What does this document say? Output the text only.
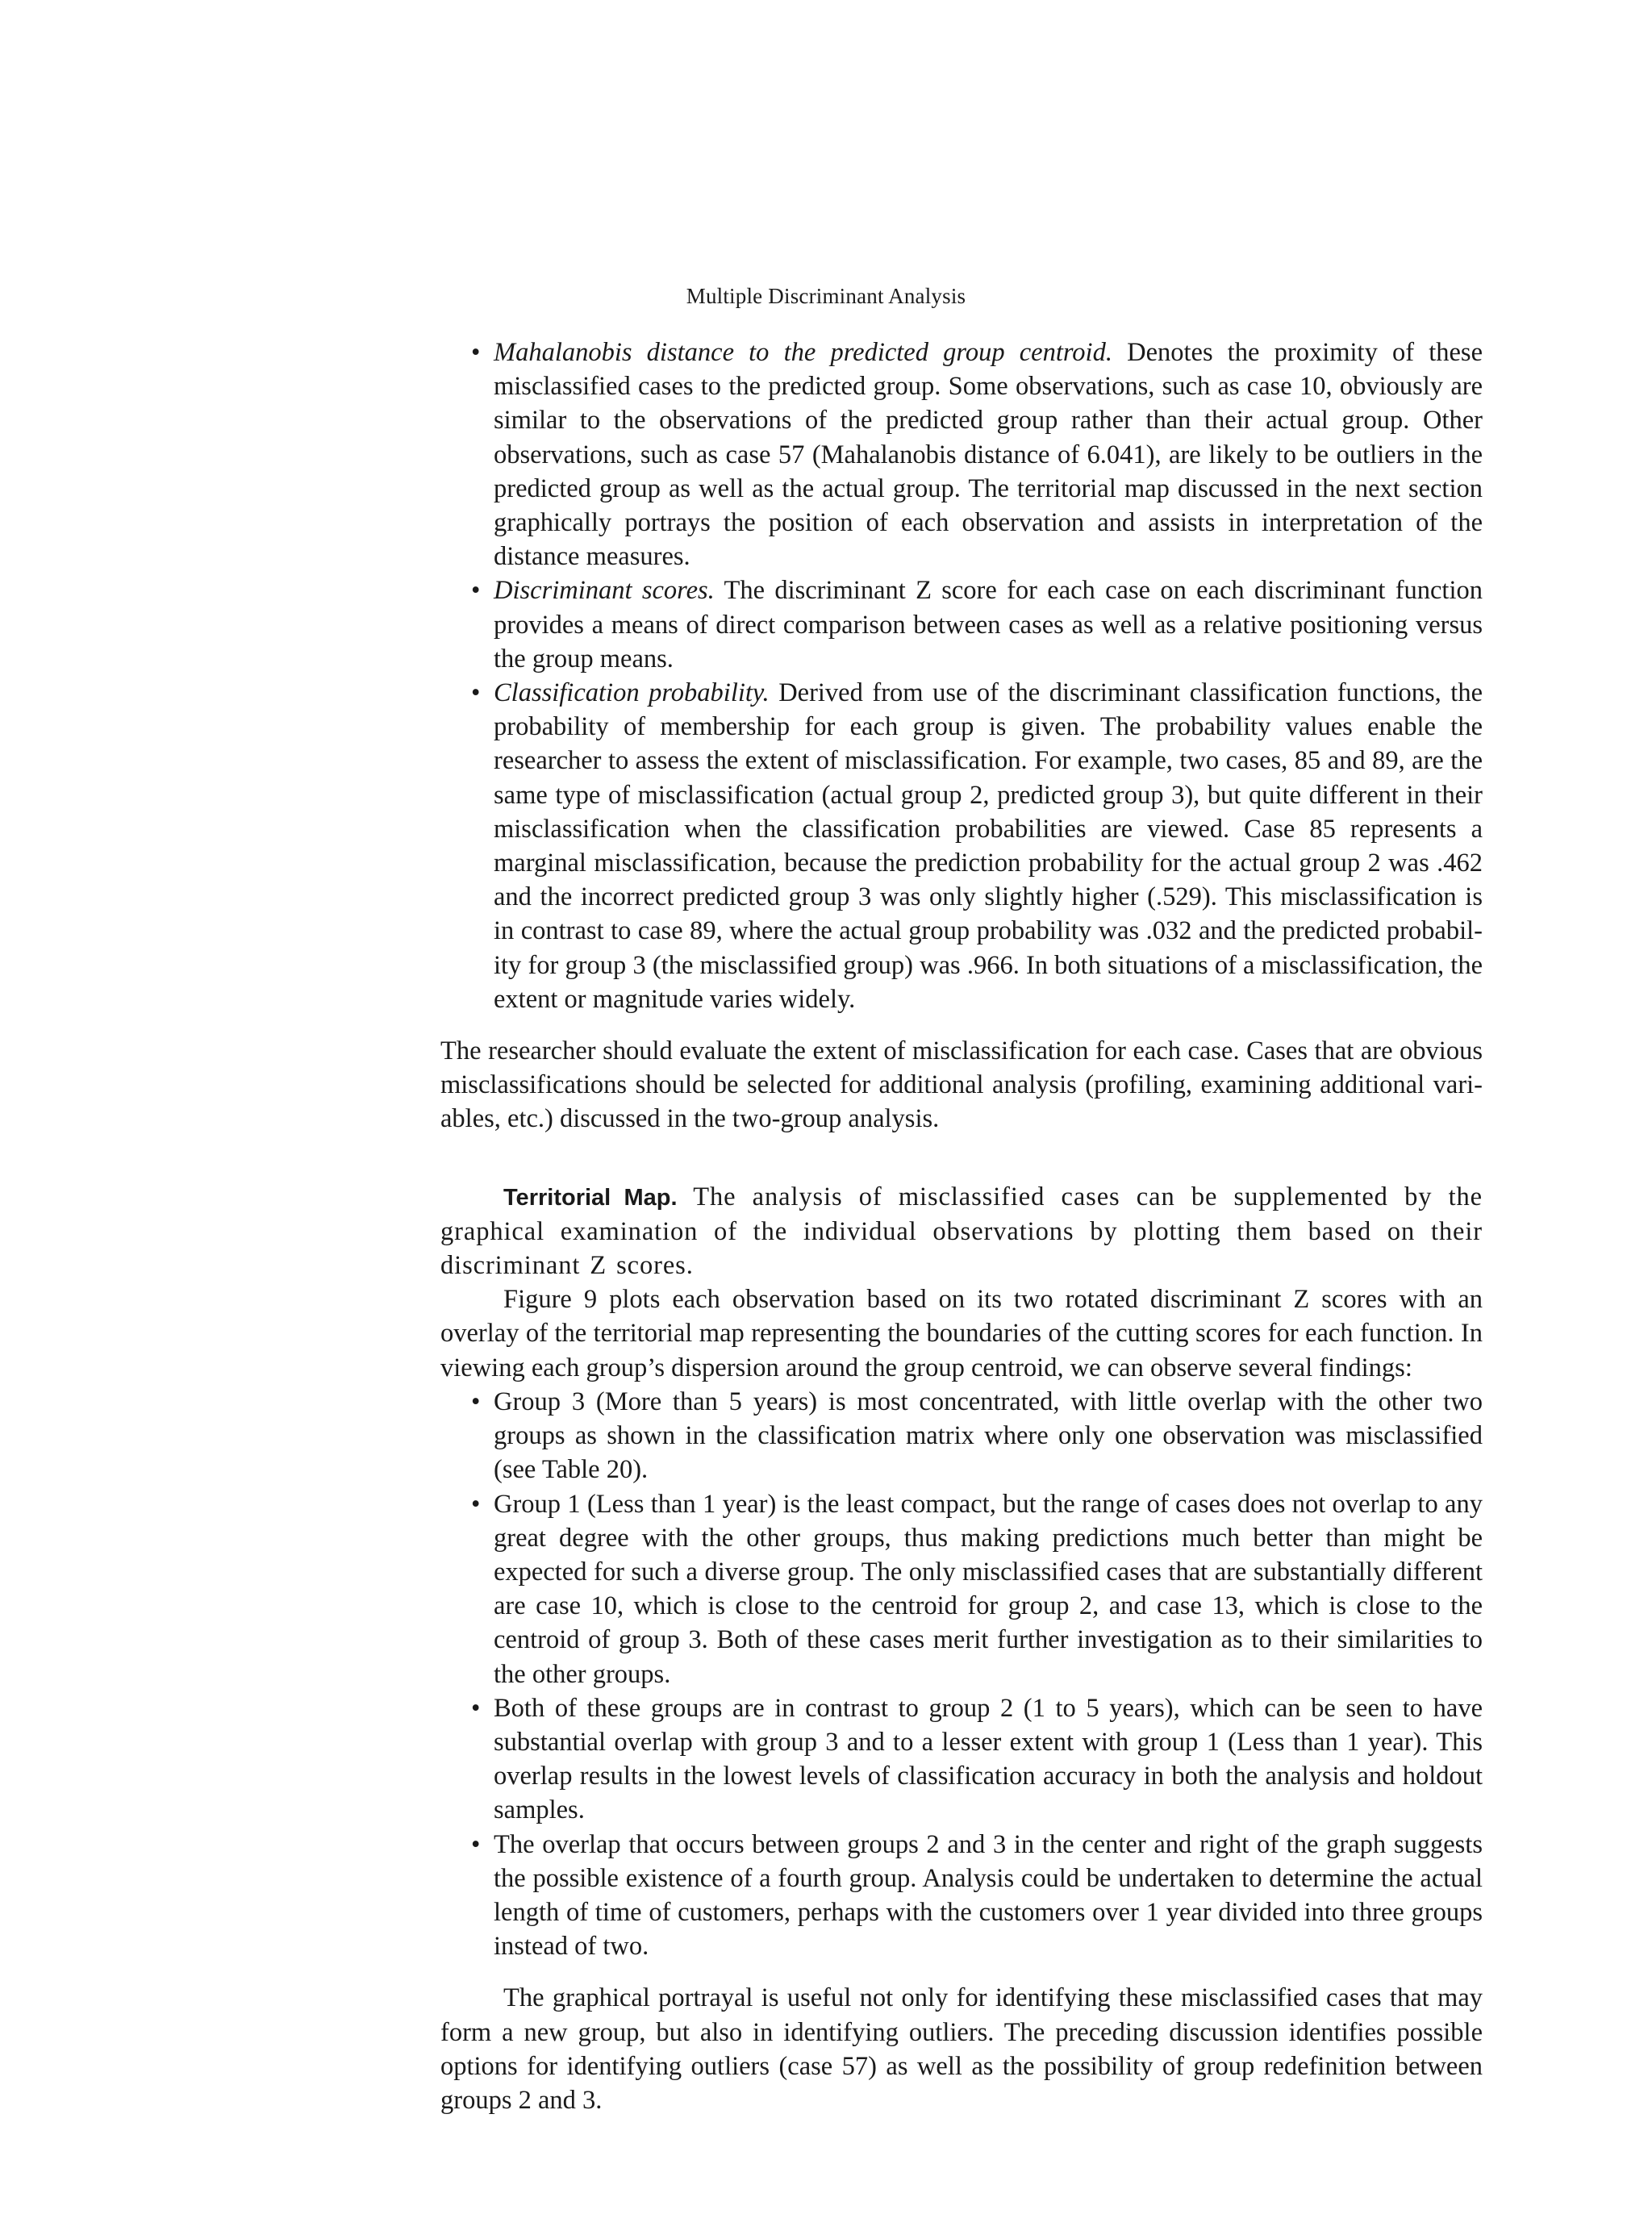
Multiple Discriminant Analysis
• Mahalanobis distance to the predicted group centroid. Denotes the proximity of these misclassified cases to the predicted group. Some observations, such as case 10, obviously are similar to the observations of the predicted group rather than their actual group. Other observations, such as case 57 (Mahalanobis distance of 6.041), are likely to be outliers in the predicted group as well as the actual group. The territorial map discussed in the next section graphically portrays the position of each observation and assists in interpretation of the distance measures.
• Discriminant scores. The discriminant Z score for each case on each discriminant function provides a means of direct comparison between cases as well as a relative positioning versus the group means.
• Classification probability. Derived from use of the discriminant classification functions, the probability of membership for each group is given. The probability values enable the researcher to assess the extent of misclassification. For example, two cases, 85 and 89, are the same type of misclassification (actual group 2, predicted group 3), but quite different in their misclassification when the classification probabilities are viewed. Case 85 represents a marginal misclassification, because the prediction probability for the actual group 2 was .462 and the incorrect predicted group 3 was only slightly higher (.529). This misclassification is in contrast to case 89, where the actual group probability was .032 and the predicted probability for group 3 (the misclassified group) was .966. In both situations of a misclassification, the extent or magnitude varies widely.

The researcher should evaluate the extent of misclassification for each case. Cases that are obvious misclassifications should be selected for additional analysis (profiling, examining additional variables, etc.) discussed in the two-group analysis.

Territorial Map. The analysis of misclassified cases can be supplemented by the graphical examination of the individual observations by plotting them based on their discriminant Z scores.

Figure 9 plots each observation based on its two rotated discriminant Z scores with an overlay of the territorial map representing the boundaries of the cutting scores for each function. In viewing each group’s dispersion around the group centroid, we can observe several findings:

• Group 3 (More than 5 years) is most concentrated, with little overlap with the other two groups as shown in the classification matrix where only one observation was misclassified (see Table 20).
• Group 1 (Less than 1 year) is the least compact, but the range of cases does not overlap to any great degree with the other groups, thus making predictions much better than might be expected for such a diverse group. The only misclassified cases that are substantially different are case 10, which is close to the centroid for group 2, and case 13, which is close to the centroid of group 3. Both of these cases merit further investigation as to their similarities to the other groups.
• Both of these groups are in contrast to group 2 (1 to 5 years), which can be seen to have substantial overlap with group 3 and to a lesser extent with group 1 (Less than 1 year). This overlap results in the lowest levels of classification accuracy in both the analysis and holdout samples.
• The overlap that occurs between groups 2 and 3 in the center and right of the graph suggests the possible existence of a fourth group. Analysis could be undertaken to determine the actual length of time of customers, perhaps with the customers over 1 year divided into three groups instead of two.

The graphical portrayal is useful not only for identifying these misclassified cases that may form a new group, but also in identifying outliers. The preceding discussion identifies possible options for identifying outliers (case 57) as well as the possibility of group redefinition between groups 2 and 3.
